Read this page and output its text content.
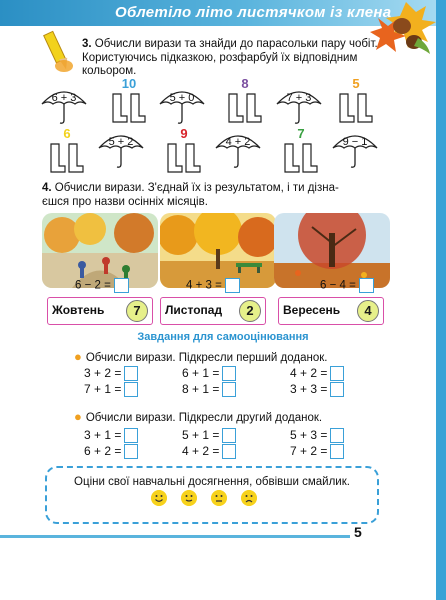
Облетіло літо листячком із клена
3. Обчисли вирази та знайди до парасольки пару чобіт.
Користуючись підказкою, розфарбуй їх відповідним
кольором.
6 + 3	5 + 0	7 + 3
5 + 2	4 + 2	9 − 1
10	8	5
6	9	7
4. Обчисли вирази. З'єднай їх із результатом, і ти дізна-
єшся про назви осінніх місяців.
6 − 2 =	4 + 3 =	6 − 4 =
Жовтень	7	Листопад	2	Вересень	4
Завдання для самооцінювання
● Обчисли вирази. Підкресли перший доданок.
3 + 2 =	6 + 1 =	4 + 2 =
7 + 1 =	8 + 1 =	3 + 3 =
● Обчисли вирази. Підкресли другий доданок.
3 + 1 =	5 + 1 =	5 + 3 =
6 + 2 =	4 + 2 =	7 + 2 =
Оціни свої навчальні досягнення, обвівши смайлик.
5
